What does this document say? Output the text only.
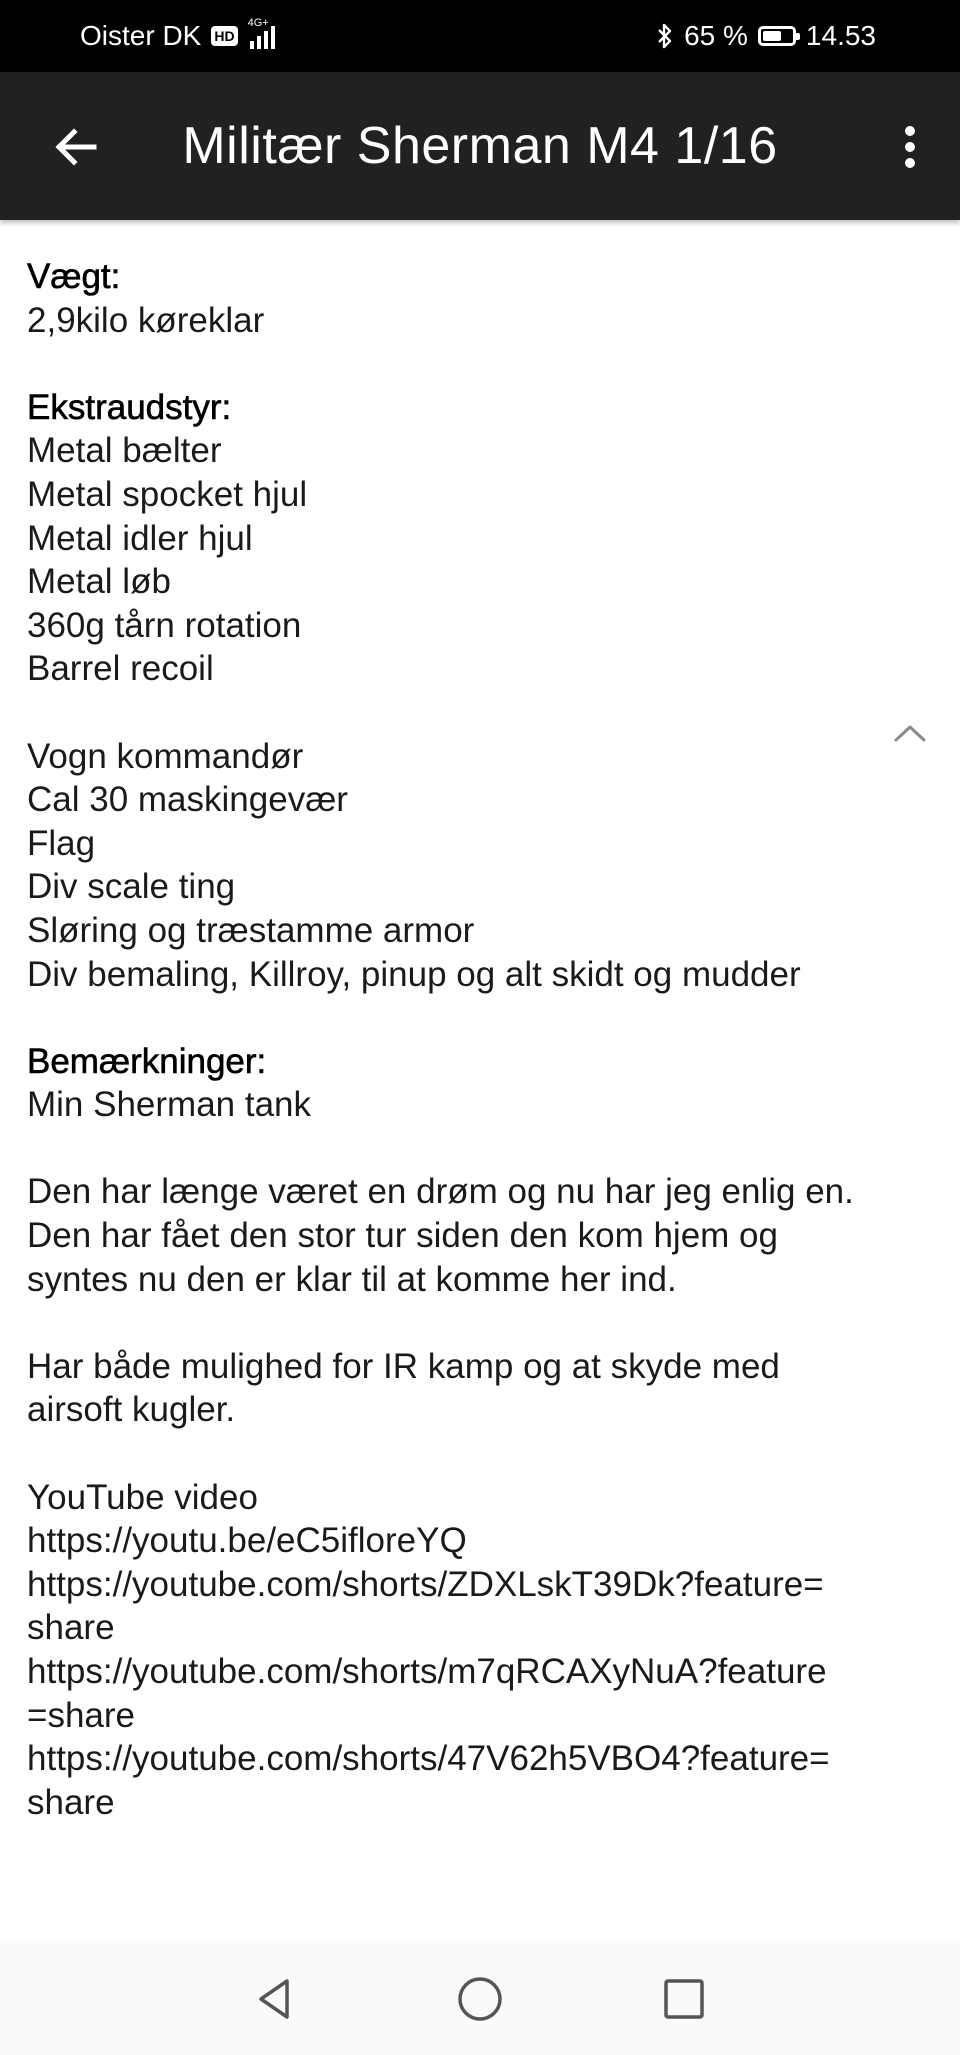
Oister DK HD
4G+	65 % 14.53
Militær Sherman M4 1/16
Vægt:
2,9kilo køreklar
Ekstraudstyr:
Metal bælter
Metal spocket hjul
Metal idler hjul
Metal løb
360g tårn rotation
Barrel recoil
Vogn kommandør
Cal 30 maskingevær
Flag
Div scale ting
Sløring og træstamme armor
Div bemaling, Killroy, pinup og alt skidt og mudder
Bemærkninger:
Min Sherman tank
Den har længe været en drøm og nu har jeg enlig en.
Den har fået den stor tur siden den kom hjem og
syntes nu den er klar til at komme her ind.
Har både mulighed for IR kamp og at skyde med
airsoft kugler.
YouTube video
https://youtu.be/eC5ifloreYQ
https://youtube.com/shorts/ZDXLskT39Dk?feature=
share
https://youtube.com/shorts/m7qRCAXyNuA?feature
=share
https://youtube.com/shorts/47V62h5VBO4?feature=
share
